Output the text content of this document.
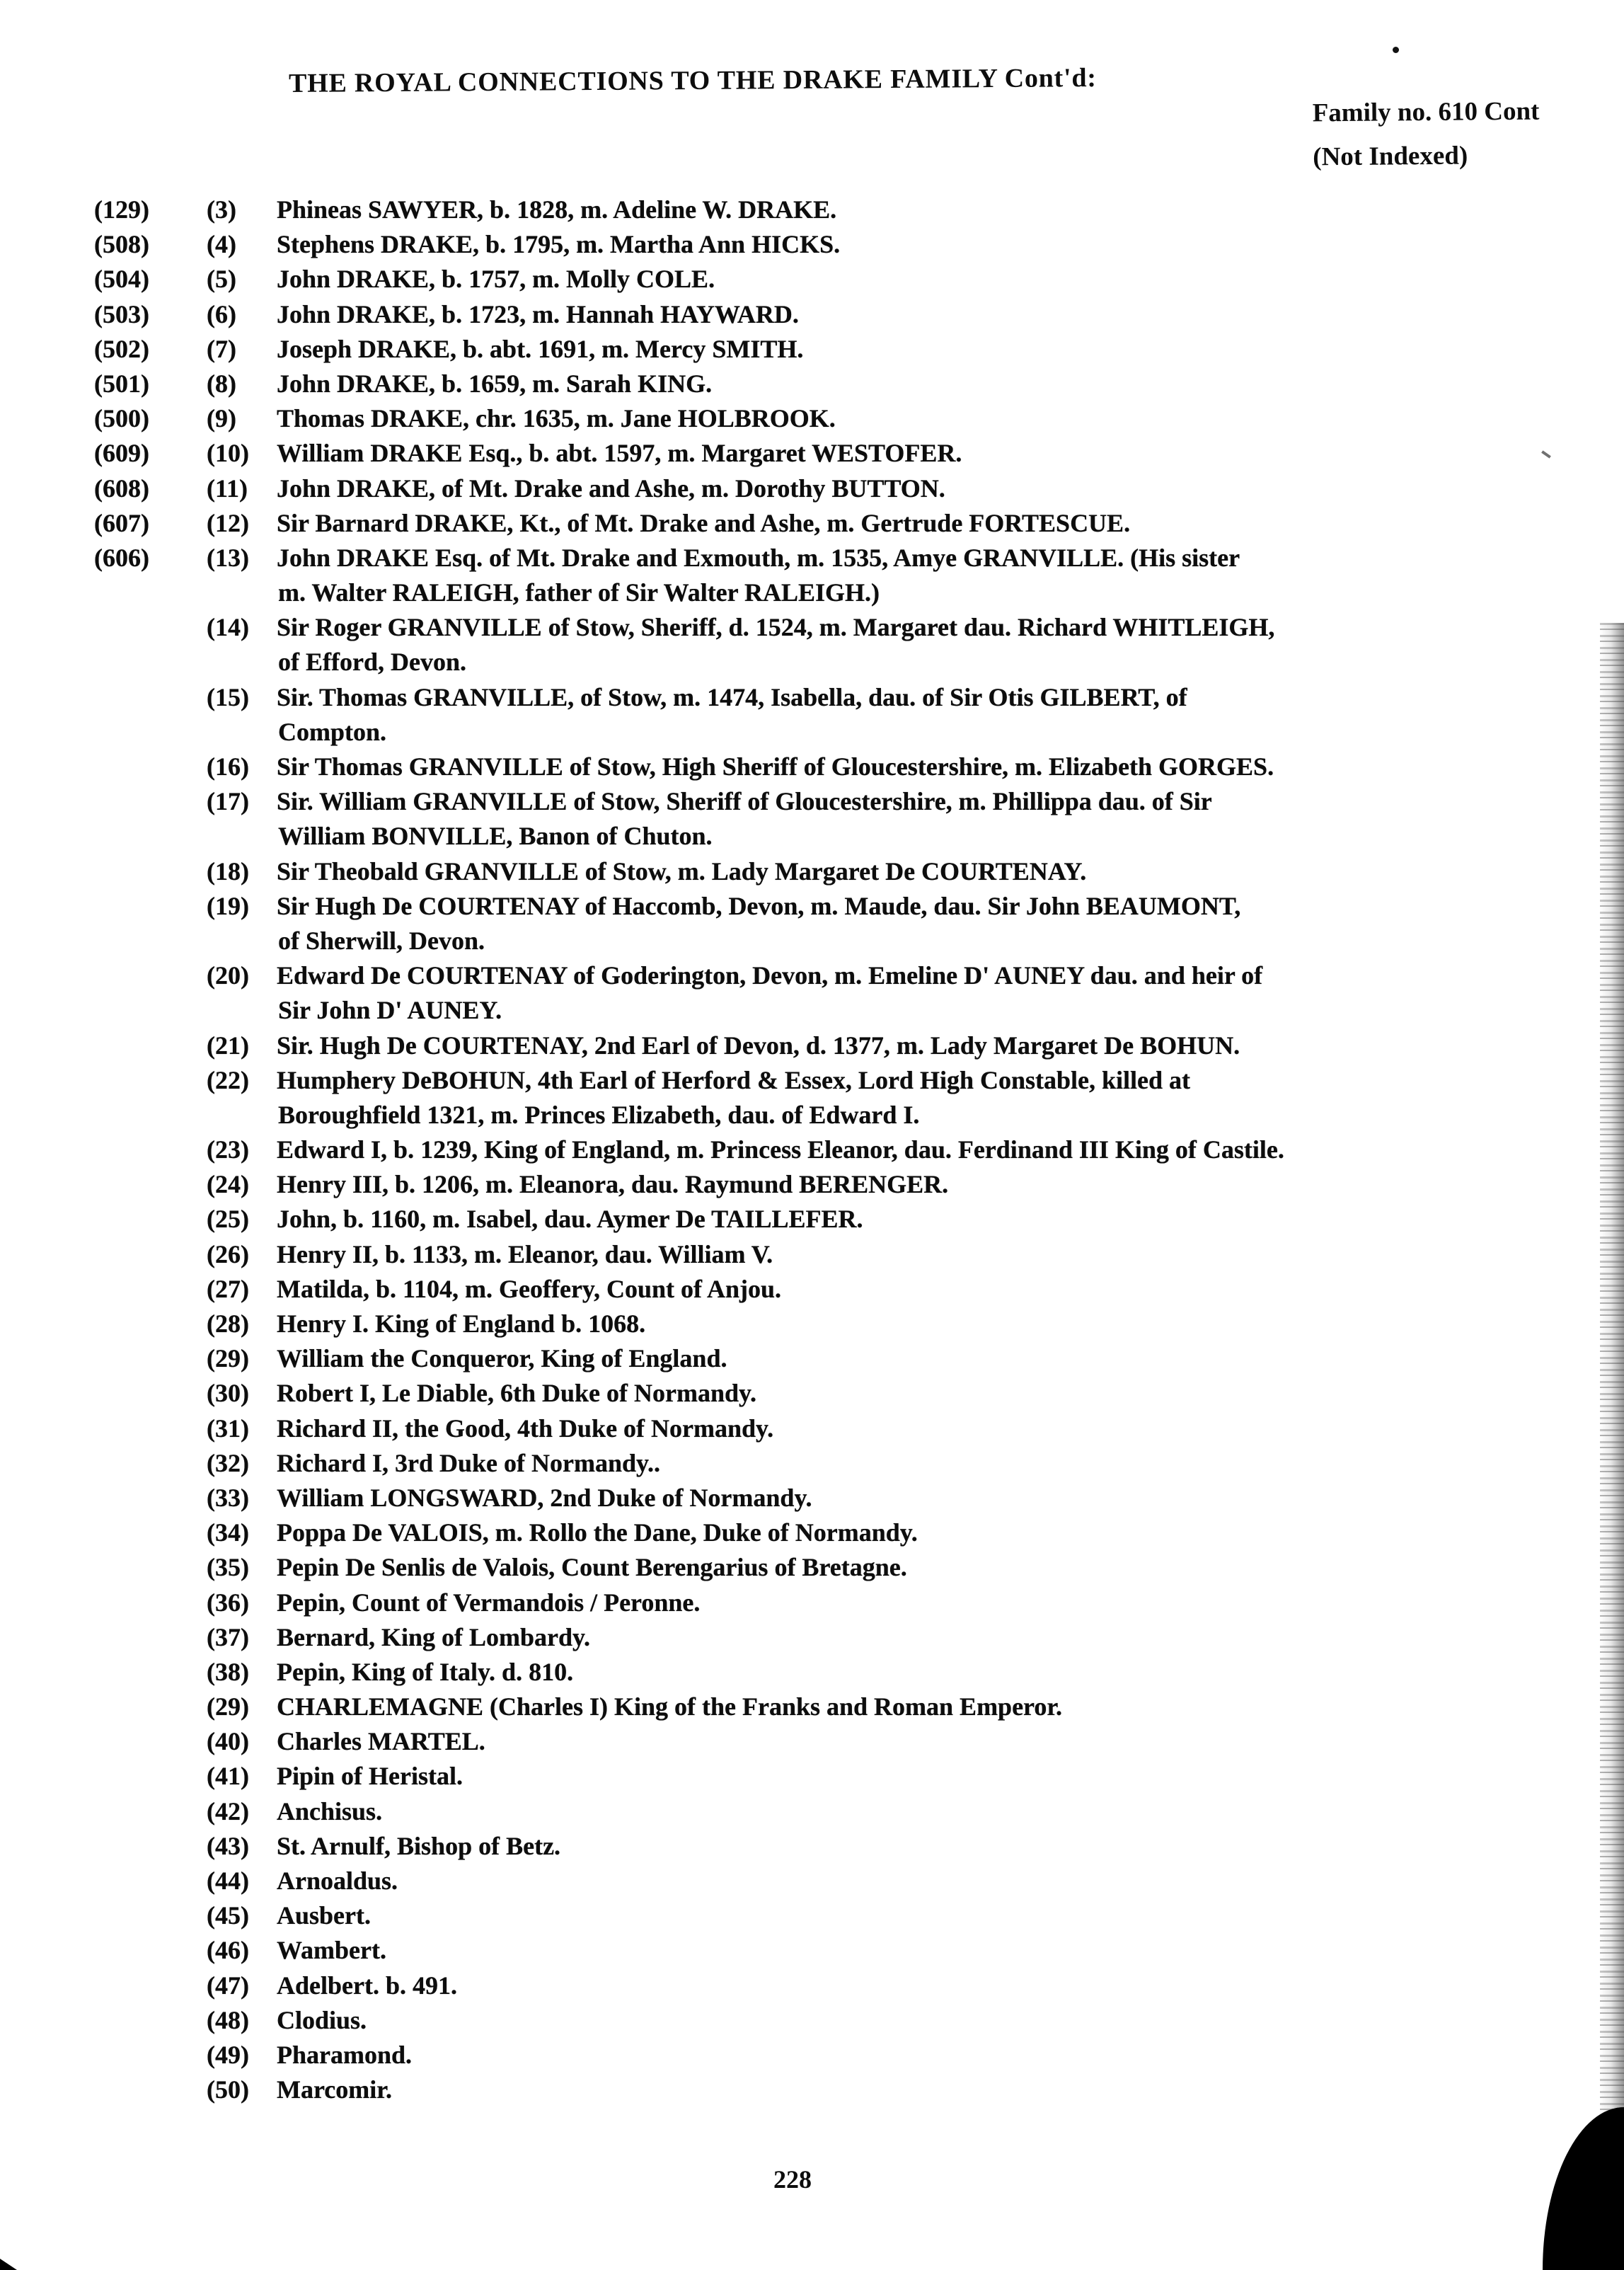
THE ROYAL CONNECTIONS TO THE DRAKE FAMILY Cont'd:
Family no. 610 Cont
(Not Indexed)
(129) (3) Phineas SAWYER, b. 1828, m. Adeline W. DRAKE.
(508) (4) Stephens DRAKE, b. 1795, m. Martha Ann HICKS.
(504) (5) John DRAKE, b. 1757, m. Molly COLE.
(503) (6) John DRAKE, b. 1723, m. Hannah HAYWARD.
(502) (7) Joseph DRAKE, b. abt. 1691, m. Mercy SMITH.
(501) (8) John DRAKE, b. 1659, m. Sarah KING.
(500) (9) Thomas DRAKE, chr. 1635, m. Jane HOLBROOK.
(609) (10) William DRAKE Esq., b. abt. 1597, m. Margaret WESTOFER.
(608) (11) John DRAKE, of Mt. Drake and Ashe, m. Dorothy BUTTON.
(607) (12) Sir Barnard DRAKE, Kt., of Mt. Drake and Ashe, m. Gertrude FORTESCUE.
(606) (13) John DRAKE Esq. of Mt. Drake and Exmouth, m. 1535, Amye GRANVILLE. (His sister
m. Walter RALEIGH, father of Sir Walter RALEIGH.)
(14) Sir Roger GRANVILLE of Stow, Sheriff, d. 1524, m. Margaret dau. Richard WHITLEIGH,
of Efford, Devon.
(15) Sir. Thomas GRANVILLE, of Stow, m. 1474, Isabella, dau. of Sir Otis GILBERT, of
Compton.
(16) Sir Thomas GRANVILLE of Stow, High Sheriff of Gloucestershire, m. Elizabeth GORGES.
(17) Sir. William GRANVILLE of Stow, Sheriff of Gloucestershire, m. Phillippa dau. of Sir
William BONVILLE, Banon of Chuton.
(18) Sir Theobald GRANVILLE of Stow, m. Lady Margaret De COURTENAY.
(19) Sir Hugh De COURTENAY of Haccomb, Devon, m. Maude, dau. Sir John BEAUMONT,
of Sherwill, Devon.
(20) Edward De COURTENAY of Goderington, Devon, m. Emeline D' AUNEY dau. and heir of
Sir John D' AUNEY.
(21) Sir. Hugh De COURTENAY, 2nd Earl of Devon, d. 1377, m. Lady Margaret De BOHUN.
(22) Humphery DeBOHUN, 4th Earl of Herford & Essex, Lord High Constable, killed at
Boroughfield 1321, m. Princes Elizabeth, dau. of Edward I.
(23) Edward I, b. 1239, King of England, m. Princess Eleanor, dau. Ferdinand III King of Castile.
(24) Henry III, b. 1206, m. Eleanora, dau. Raymund BERENGER.
(25) John, b. 1160, m. Isabel, dau. Aymer De TAILLEFER.
(26) Henry II, b. 1133, m. Eleanor, dau. William V.
(27) Matilda, b. 1104, m. Geoffery, Count of Anjou.
(28) Henry I. King of England b. 1068.
(29) William the Conqueror, King of England.
(30) Robert I, Le Diable, 6th Duke of Normandy.
(31) Richard II, the Good, 4th Duke of Normandy.
(32) Richard I, 3rd Duke of Normandy..
(33) William LONGSWARD, 2nd Duke of Normandy.
(34) Poppa De VALOIS, m. Rollo the Dane, Duke of Normandy.
(35) Pepin De Senlis de Valois, Count Berengarius of Bretagne.
(36) Pepin, Count of Vermandois / Peronne.
(37) Bernard, King of Lombardy.
(38) Pepin, King of Italy. d. 810.
(29) CHARLEMAGNE (Charles I) King of the Franks and Roman Emperor.
(40) Charles MARTEL.
(41) Pipin of Heristal.
(42) Anchisus.
(43) St. Arnulf, Bishop of Betz.
(44) Arnoaldus.
(45) Ausbert.
(46) Wambert.
(47) Adelbert. b. 491.
(48) Clodius.
(49) Pharamond.
(50) Marcomir.
228
